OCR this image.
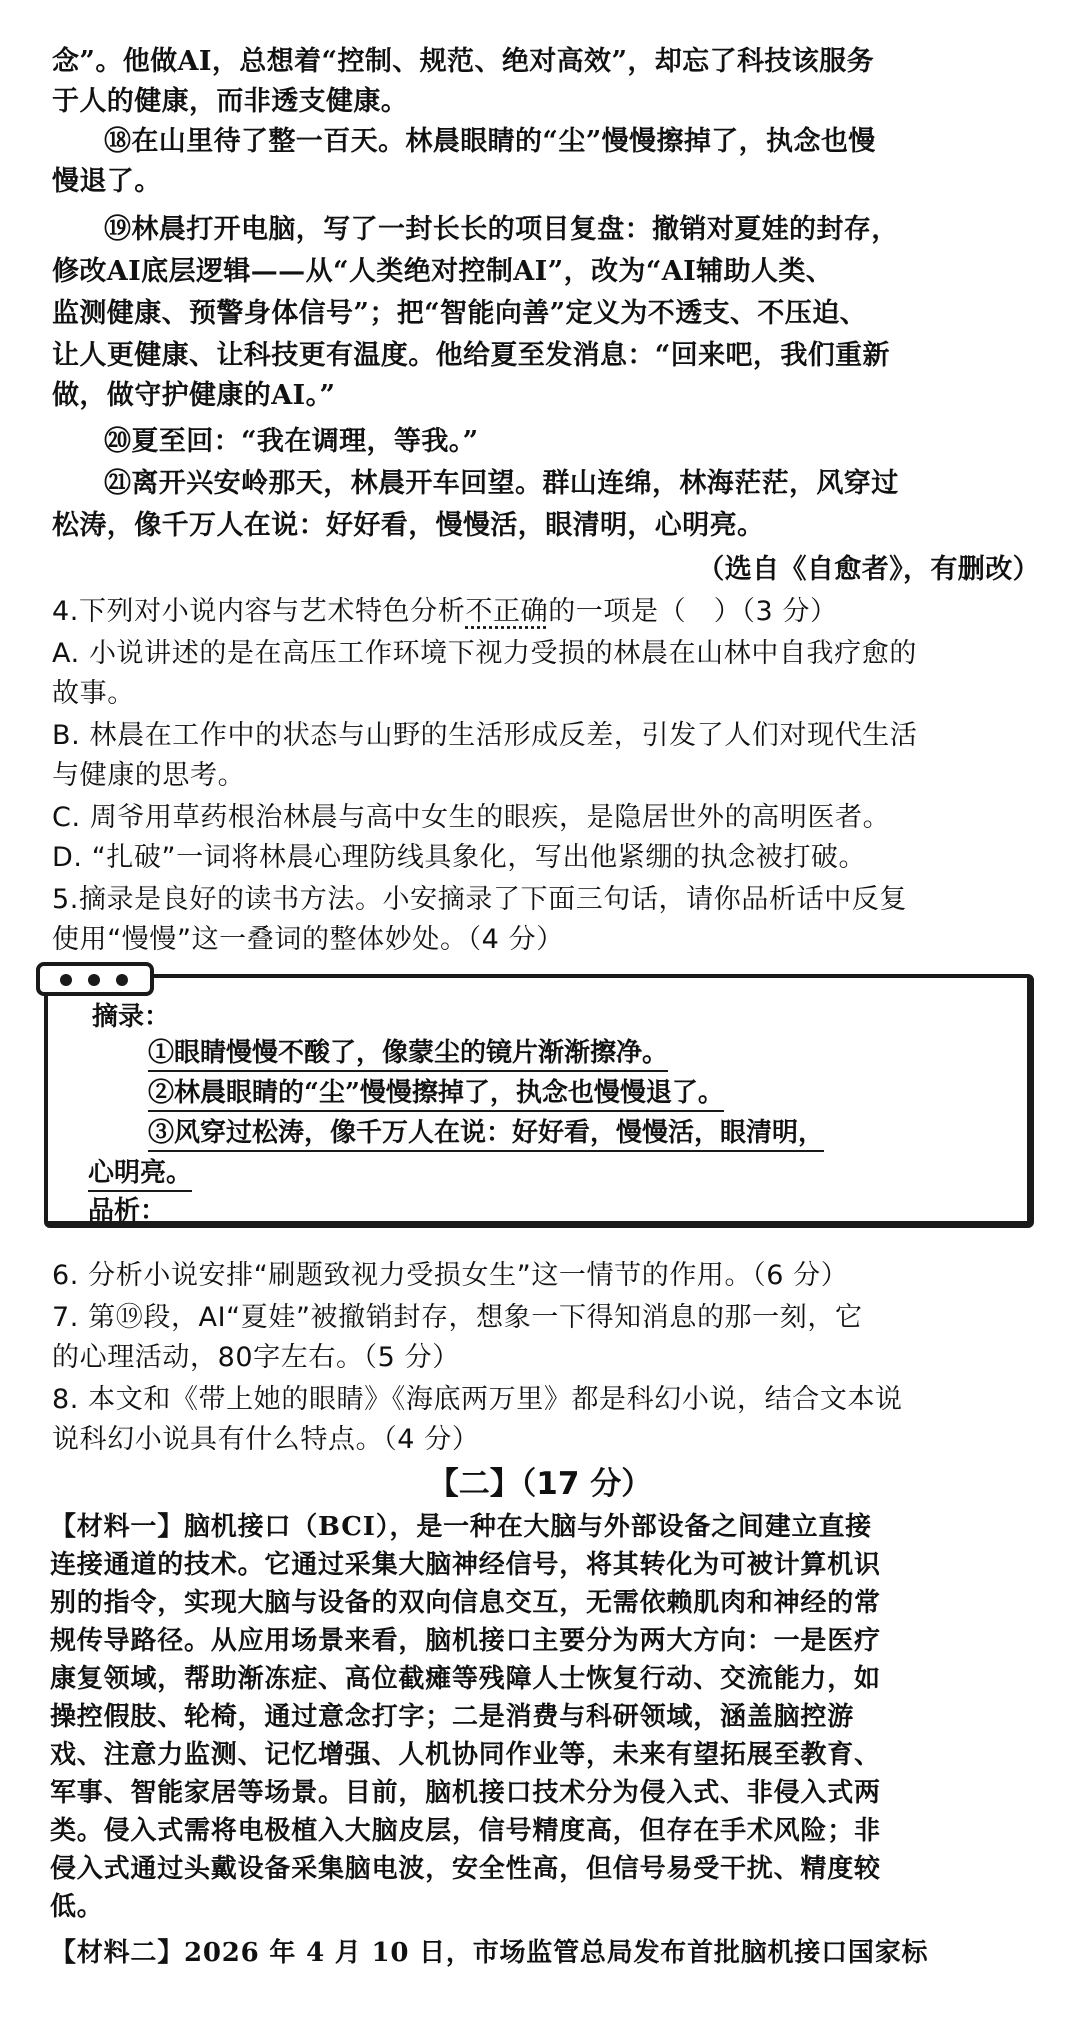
念”。他做AI，总想着“控制、规范、绝对高效”，却忘了科技该服务
于人的健康，而非透支健康。
⑱在山里待了整一百天。林晨眼睛的“尘”慢慢擦掉了，执念也慢
慢退了。
⑲林晨打开电脑，写了一封长长的项目复盘：撤销对夏娃的封存，
修改AI底层逻辑——从“人类绝对控制AI”，改为“AI辅助人类、
监测健康、预警身体信号”；把“智能向善”定义为不透支、不压迫、
让人更健康、让科技更有温度。他给夏至发消息：“回来吧，我们重新
做，做守护健康的AI。”
⑳夏至回：“我在调理，等我。”
㉑离开兴安岭那天，林晨开车回望。群山连绵，林海茫茫，风穿过
松涛，像千万人在说：好好看，慢慢活，眼清明，心明亮。
（选自《自愈者》，有删改）
4.下列对小说内容与艺术特色分析不正确的一项是（　）（3 分）
A. 小说讲述的是在高压工作环境下视力受损的林晨在山林中自我疗愈的
故事。
B. 林晨在工作中的状态与山野的生活形成反差，引发了人们对现代生活
与健康的思考。
C. 周爷用草药根治林晨与高中女生的眼疾，是隐居世外的高明医者。
D. “扎破”一词将林晨心理防线具象化，写出他紧绷的执念被打破。
5.摘录是良好的读书方法。小安摘录了下面三句话，请你品析话中反复
使用“慢慢”这一叠词的整体妙处。（4 分）
摘录：
①眼睛慢慢不酸了，像蒙尘的镜片渐渐擦净。
②林晨眼睛的“尘”慢慢擦掉了，执念也慢慢退了。
③风穿过松涛，像千万人在说：好好看，慢慢活，眼清明，
心明亮。
品析：
6. 分析小说安排“刷题致视力受损女生”这一情节的作用。（6 分）
7. 第⑲段，AI“夏娃”被撤销封存，想象一下得知消息的那一刻，它
的心理活动，80字左右。（5 分）
8. 本文和《带上她的眼睛》《海底两万里》都是科幻小说，结合文本说
说科幻小说具有什么特点。（4 分）
【二】（17 分）
【材料一】脑机接口（BCI），是一种在大脑与外部设备之间建立直接
连接通道的技术。它通过采集大脑神经信号，将其转化为可被计算机识
别的指令，实现大脑与设备的双向信息交互，无需依赖肌肉和神经的常
规传导路径。从应用场景来看，脑机接口主要分为两大方向：一是医疗
康复领域，帮助渐冻症、高位截瘫等残障人士恢复行动、交流能力，如
操控假肢、轮椅，通过意念打字；二是消费与科研领域，涵盖脑控游
戏、注意力监测、记忆增强、人机协同作业等，未来有望拓展至教育、
军事、智能家居等场景。目前，脑机接口技术分为侵入式、非侵入式两
类。侵入式需将电极植入大脑皮层，信号精度高，但存在手术风险；非
侵入式通过头戴设备采集脑电波，安全性高，但信号易受干扰、精度较
低。
【材料二】2026 年 4 月 10 日，市场监管总局发布首批脑机接口国家标
